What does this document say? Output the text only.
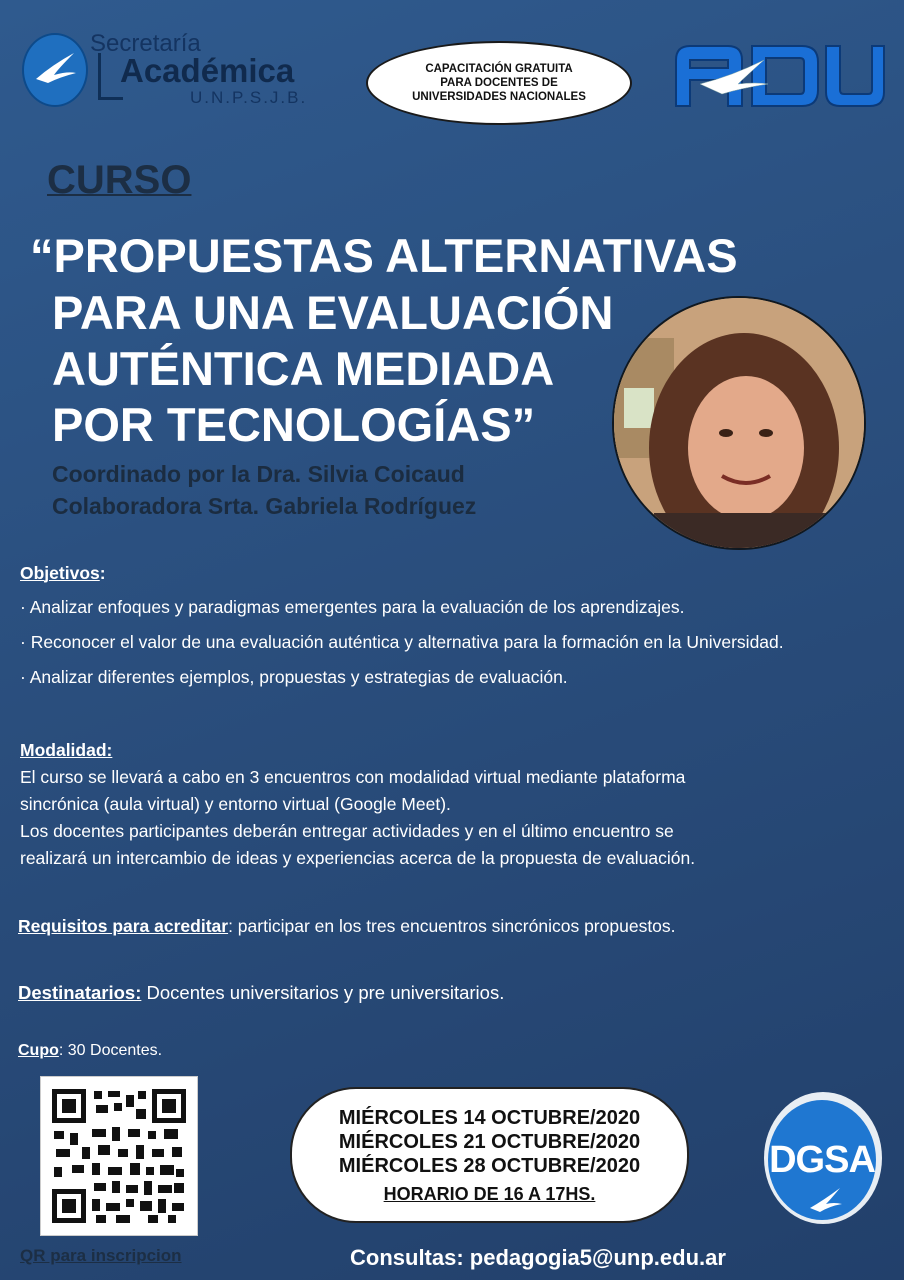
Secretaría
Académica
U.N.P.S.J.B.
CAPACITACIÓN GRATUITA
PARA DOCENTES DE
UNIVERSIDADES NACIONALES
CURSO
“PROPUESTAS ALTERNATIVAS
PARA UNA EVALUACIÓN
AUTÉNTICA MEDIADA
POR TECNOLOGÍAS”
Coordinado por la Dra. Silvia Coicaud
Colaboradora Srta. Gabriela Rodríguez
Objetivos:
· Analizar enfoques y paradigmas emergentes para la evaluación de los aprendizajes.
· Reconocer el valor de una evaluación auténtica y alternativa para la formación en la Universidad.
· Analizar diferentes ejemplos, propuestas y estrategias de evaluación.
Modalidad:
El curso se llevará a cabo en 3 encuentros con modalidad virtual mediante plataforma
sincrónica (aula virtual) y entorno virtual (Google Meet).
Los docentes participantes deberán entregar actividades y en el último encuentro se
realizará un intercambio de ideas y experiencias acerca de la propuesta de evaluación.
Requisitos para acreditar: participar en los tres encuentros sincrónicos propuestos.
Destinatarios: Docentes universitarios y pre universitarios.
Cupo: 30 Docentes.
QR para inscripcion
MIÉRCOLES 14 OCTUBRE/2020
MIÉRCOLES 21 OCTUBRE/2020
MIÉRCOLES 28 OCTUBRE/2020
HORARIO DE 16 A 17HS.
DGSA
Consultas: pedagogia5@unp.edu.ar
